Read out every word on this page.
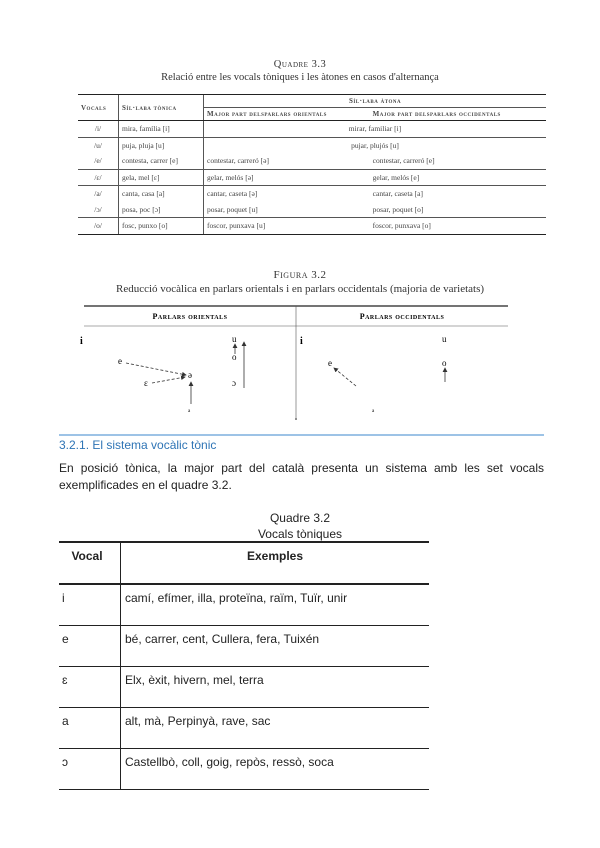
Quadre 3.3
Relació entre les vocals tòniques i les àtones en casos d'alternança
Vocals	Síl·laba tònica	Síl·laba àtona	
		Major part delsparlars orientals	Major part delsparlars occidentals
/i/	mira, família [i]	mirar, familiar [i]	
/u/	puja, pluja [u]	pujar, plujós [u]	
/e/	contesta, carrer [e]	contestar, carreró [ə]	contestar, carreró [e]
/ɛ/	gela, mel [ɛ]	gelar, melós [ə]	gelar, melós [e]
/a/	canta, casa [a]	cantar, caseta [ə]	cantar, caseta [a]
/ɔ/	posa, poc [ɔ]	posar, poquet [u]	posar, poquet [o]
/o/	fosc, punxo [o]	foscor, punxava [u]	foscor, punxava [o]
Figura 3.2
Reducció vocàlica en parlars orientals i en parlars occidentals (majoria de varietats)
Parlars orientals	Parlars occidentals
i
e
ɛ
ə
u
o
ɔ
a
i
e
u
o
a
3.2.1. El sistema vocàlic tònic
En posició tònica, la major part del català presenta un sistema amb les set vocals exemplificades en el quadre 3.2.
Quadre 3.2
Vocals tòniques
Vocal	Exemples
i	camí, efímer, illa, proteïna, raïm, Tuïr, unir
e	bé, carrer, cent, Cullera, fera, Tuixén
ɛ	Elx, èxit, hivern, mel, terra
a	alt, mà, Perpinyà, rave, sac
ɔ	Castellbò, coll, goig, repòs, ressò, soca
